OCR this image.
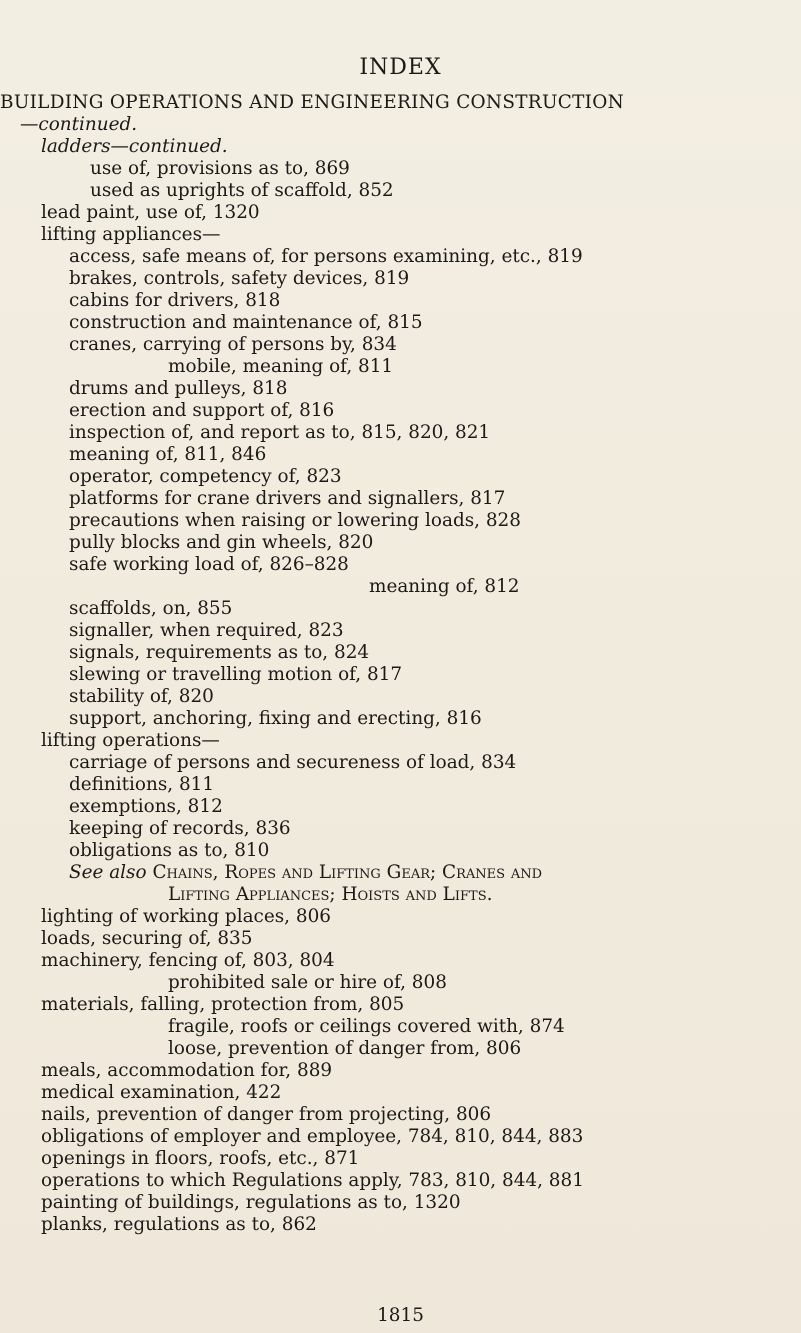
INDEX
BUILDING OPERATIONS AND ENGINEERING CONSTRUCTION
—continued.
ladders—continued.
use of, provisions as to, 869
used as uprights of scaffold, 852
lead paint, use of, 1320
lifting appliances—
access, safe means of, for persons examining, etc., 819
brakes, controls, safety devices, 819
cabins for drivers, 818
construction and maintenance of, 815
cranes, carrying of persons by, 834
mobile, meaning of, 811
drums and pulleys, 818
erection and support of, 816
inspection of, and report as to, 815, 820, 821
meaning of, 811, 846
operator, competency of, 823
platforms for crane drivers and signallers, 817
precautions when raising or lowering loads, 828
pully blocks and gin wheels, 820
safe working load of, 826–828
meaning of, 812
scaffolds, on, 855
signaller, when required, 823
signals, requirements as to, 824
slewing or travelling motion of, 817
stability of, 820
support, anchoring, fixing and erecting, 816
lifting operations—
carriage of persons and secureness of load, 834
definitions, 811
exemptions, 812
keeping of records, 836
obligations as to, 810
See also Chains, Ropes and Lifting Gear; Cranes and
Lifting Appliances; Hoists and Lifts.
lighting of working places, 806
loads, securing of, 835
machinery, fencing of, 803, 804
prohibited sale or hire of, 808
materials, falling, protection from, 805
fragile, roofs or ceilings covered with, 874
loose, prevention of danger from, 806
meals, accommodation for, 889
medical examination, 422
nails, prevention of danger from projecting, 806
obligations of employer and employee, 784, 810, 844, 883
openings in floors, roofs, etc., 871
operations to which Regulations apply, 783, 810, 844, 881
painting of buildings, regulations as to, 1320
planks, regulations as to, 862
1815
